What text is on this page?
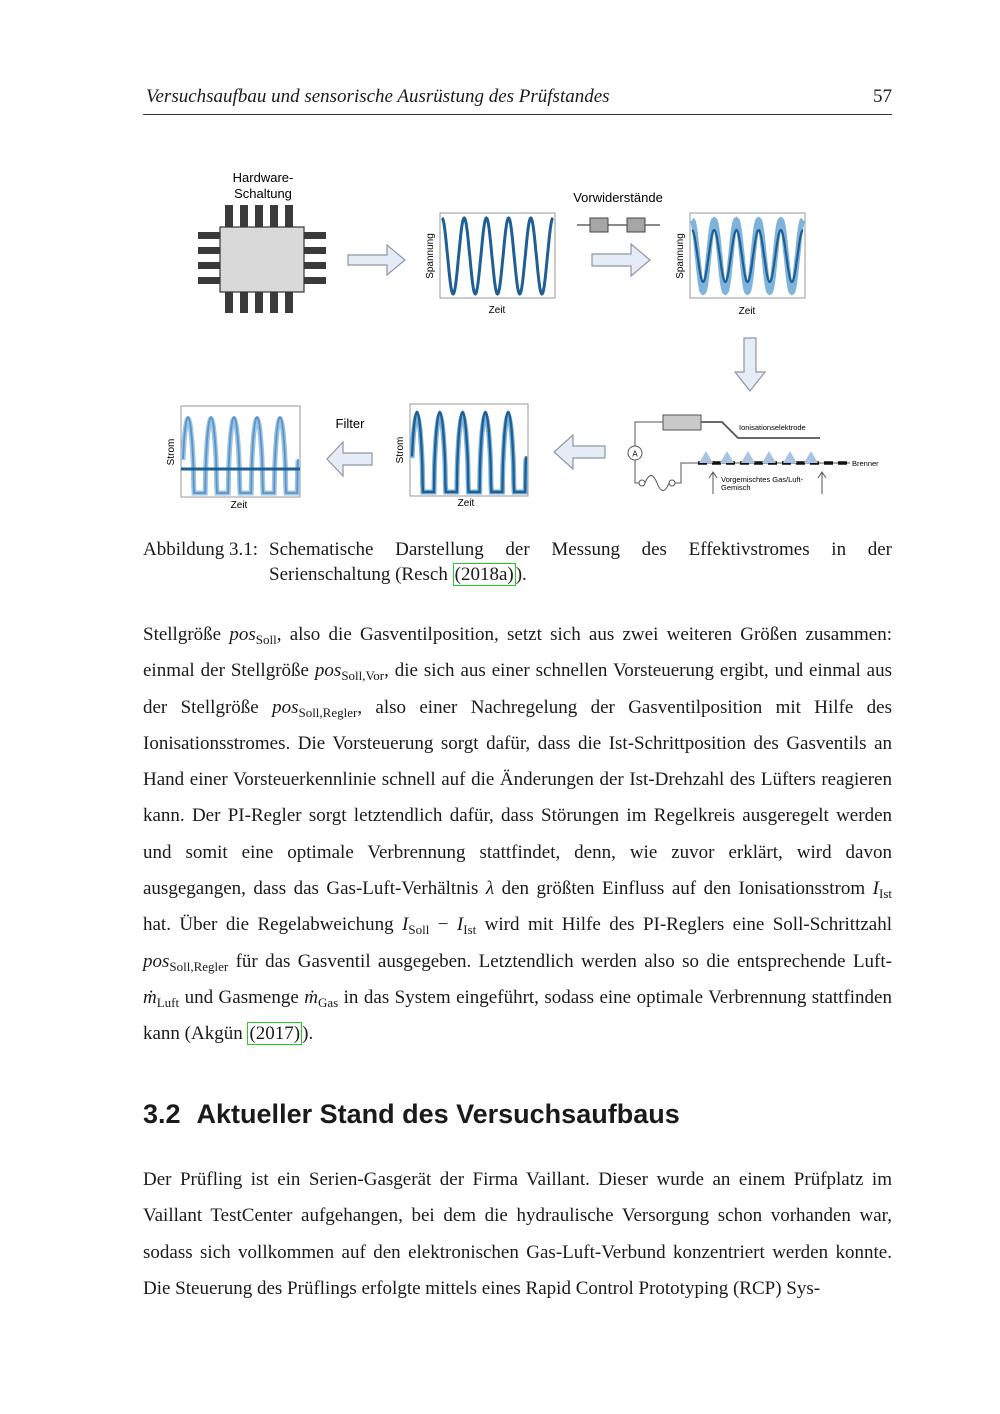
Versuchsaufbau und sensorische Ausrüstung des Prüfstandes	57
Hardware-
Schaltung
Spannung
Zeit
Vorwiderstände
Spannung
Zeit
A
Ionisationselektrode
Brenner
Vorgemischtes Gas/Luft-
Gemisch
Strom
Zeit
Filter
Strom
Zeit
Abbildung 3.1: Schematische Darstellung der Messung des Effektivstromes in der Serienschaltung (Resch (2018a) ).

Stellgröße pos$_{Soll}$, also die Gasventilposition, setzt sich aus zwei weiteren Größen zusammen: einmal der Stellgröße pos$_{Soll,Vor}$, die sich aus einer schnellen Vorsteuerung ergibt, und einmal aus der Stellgröße pos$_{Soll,Regler}$, also einer Nachregelung der Gasventilposition mit Hilfe des Ionisationsstromes. Die Vorsteuerung sorgt dafür, dass die Ist-Schrittposition des Gasventils an Hand einer Vorsteuerkennlinie schnell auf die Änderungen der Ist-Drehzahl des Lüfters reagieren kann. Der PI-Regler sorgt letztendlich dafür, dass Störungen im Regelkreis ausgeregelt werden und somit eine optimale Verbrennung stattfindet, denn, wie zuvor erklärt, wird davon ausgegangen, dass das Gas-Luft-Verhältnis λ den größten Einfluss auf den Ionisationsstrom $I_{Ist}$ hat. Über die Regelabweichung $I_{Soll} - I_{Ist}$ wird mit Hilfe des PI-Reglers eine Soll-Schrittzahl pos$_{Soll,Regler}$ für das Gasventil ausgegeben. Letztendlich werden also so die entsprechende Luft- ṁ$_{Luft}$ und Gasmenge ṁ$_{Gas}$ in das System eingeführt, sodass eine optimale Verbrennung stattfinden kann (Akgün (2017) ).

3.2 Aktueller Stand des Versuchsaufbaus

Der Prüfling ist ein Serien-Gasgerät der Firma Vaillant. Dieser wurde an einem Prüfplatz im Vaillant TestCenter aufgehangen, bei dem die hydraulische Versorgung schon vorhanden war, sodass sich vollkommen auf den elektronischen Gas-Luft-Verbund konzentriert werden konnte. Die Steuerung des Prüflings erfolgte mittels eines Rapid Control Prototyping (RCP) Sys-
